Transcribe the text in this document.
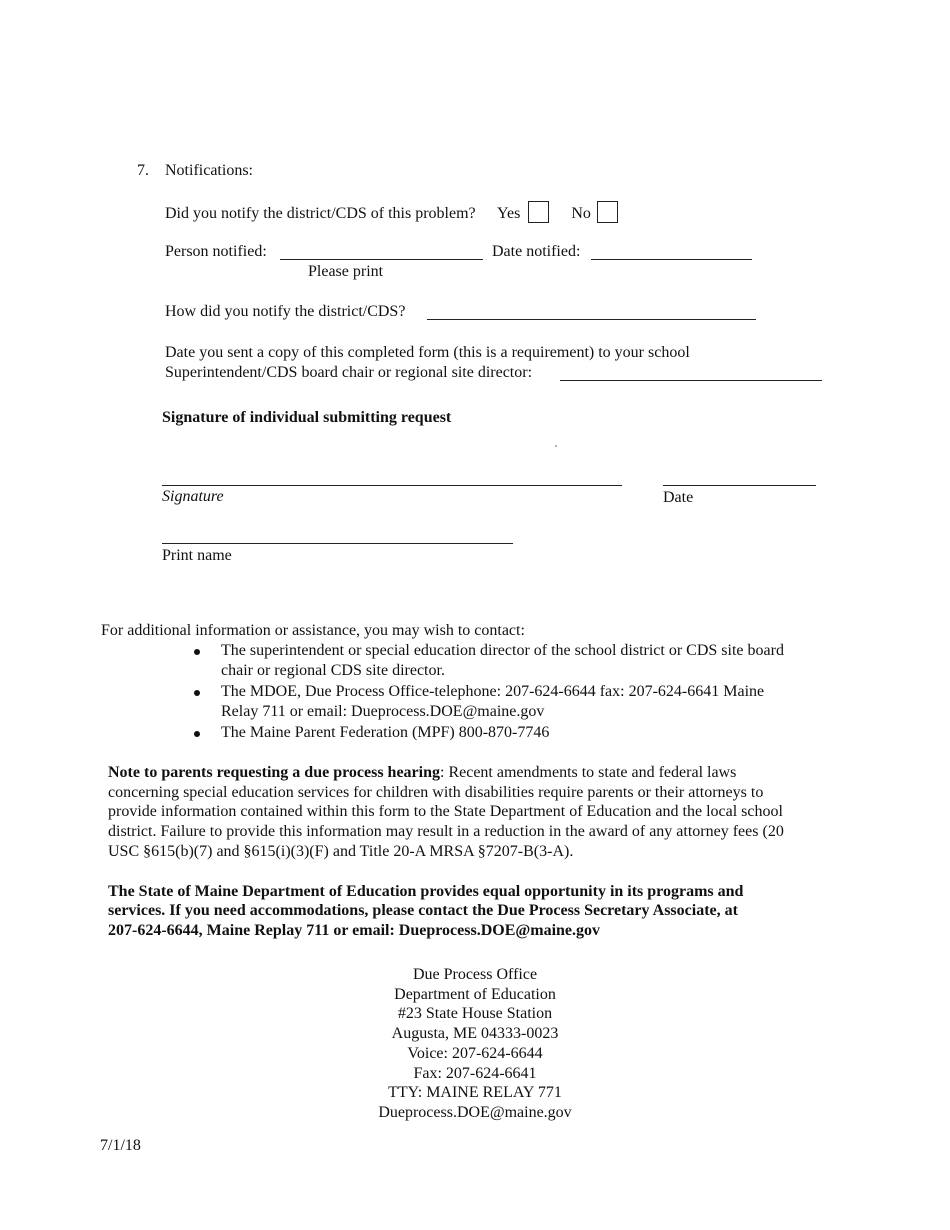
7. Notifications:
Did you notify the district/CDS of this problem? Yes	No
Person notified:	Date notified:
Please print
How did you notify the district/CDS?
Date you sent a copy of this completed form (this is a requirement) to your school
Superintendent/CDS board chair or regional site director:
Signature of individual submitting request
Signature	Date
Print name
For additional information or assistance, you may wish to contact:
The superintendent or special education director of the school district or CDS site board
chair or regional CDS site director.
The MDOE, Due Process Office-telephone: 207-624-6644 fax: 207-624-6641 Maine
Relay 711 or email: Dueprocess.DOE@maine.gov
The Maine Parent Federation (MPF) 800-870-7746
Note to parents requesting a due process hearing: Recent amendments to state and federal laws
concerning special education services for children with disabilities require parents or their attorneys to
provide information contained within this form to the State Department of Education and the local school
district. Failure to provide this information may result in a reduction in the award of any attorney fees (20
USC §615(b)(7) and §615(i)(3)(F) and Title 20-A MRSA §7207-B(3-A).
The State of Maine Department of Education provides equal opportunity in its programs and
services. If you need accommodations, please contact the Due Process Secretary Associate, at
207-624-6644, Maine Replay 711 or email: Dueprocess.DOE@maine.gov
Due Process Office
Department of Education
#23 State House Station
Augusta, ME 04333-0023
Voice: 207-624-6644
Fax: 207-624-6641
TTY: MAINE RELAY 771
Dueprocess.DOE@maine.gov
7/1/18
